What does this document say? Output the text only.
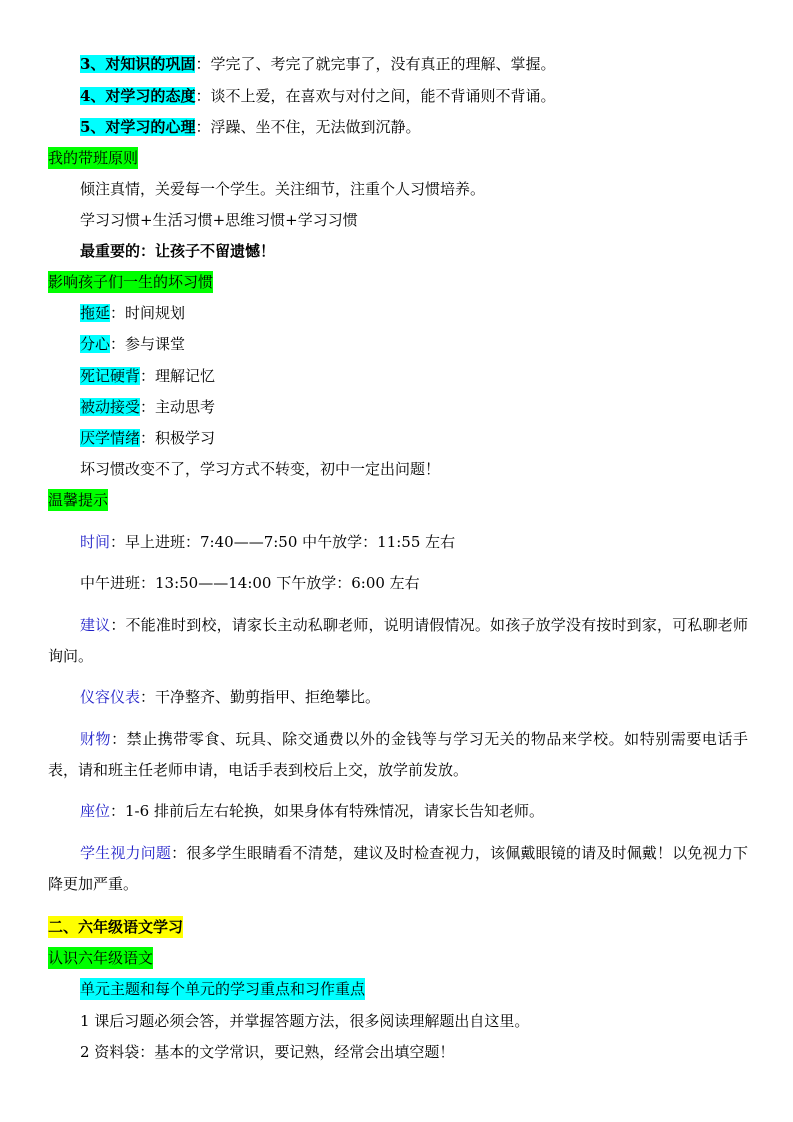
3、对知识的巩固：学完了、考完了就完事了，没有真正的理解、掌握。
4、对学习的态度：谈不上爱，在喜欢与对付之间，能不背诵则不背诵。
5、对学习的心理：浮躁、坐不住，无法做到沉静。
我的带班原则
倾注真情，关爱每一个学生。关注细节，注重个人习惯培养。
学习习惯+生活习惯+思维习惯+学习习惯
最重要的：让孩子不留遗憾！
影响孩子们一生的坏习惯
拖延：时间规划
分心：参与课堂
死记硬背：理解记忆
被动接受：主动思考
厌学情绪：积极学习
坏习惯改变不了，学习方式不转变，初中一定出问题！
温馨提示
时间：早上进班：7:40——7:50 中午放学：11:55 左右
中午进班：13:50——14:00 下午放学：6:00 左右
建议：不能准时到校，请家长主动私聊老师，说明请假情况。如孩子放学没有按时到家，可私聊老师询问。
仪容仪表：干净整齐、勤剪指甲、拒绝攀比。
财物：禁止携带零食、玩具、除交通费以外的金钱等与学习无关的物品来学校。如特别需要电话手表，请和班主任老师申请，电话手表到校后上交，放学前发放。
座位：1-6 排前后左右轮换，如果身体有特殊情况，请家长告知老师。
学生视力问题：很多学生眼睛看不清楚，建议及时检查视力，该佩戴眼镜的请及时佩戴！以免视力下降更加严重。
二、六年级语文学习
认识六年级语文
单元主题和每个单元的学习重点和习作重点
1 课后习题必须会答，并掌握答题方法，很多阅读理解题出自这里。
2 资料袋：基本的文学常识，要记熟，经常会出填空题！
